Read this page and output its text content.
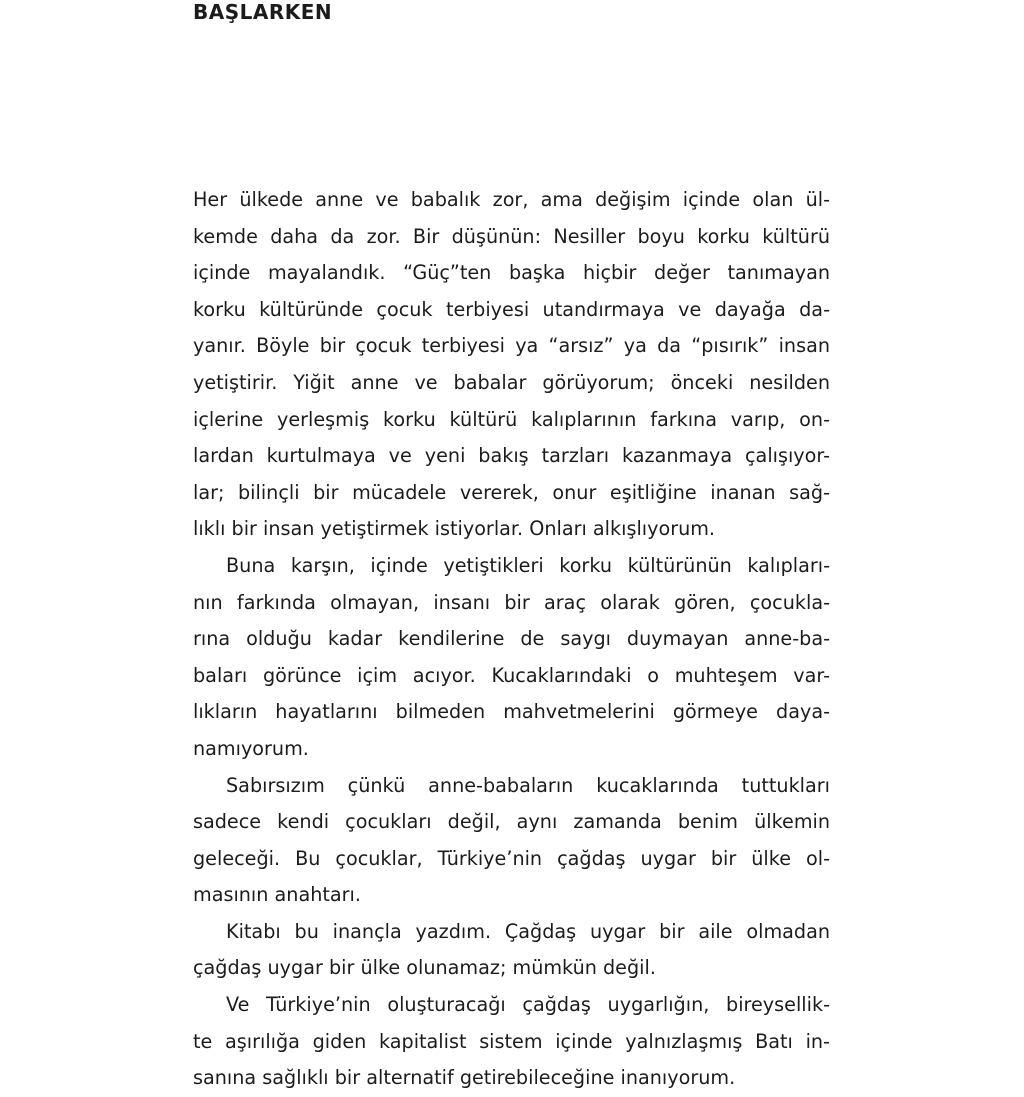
BAŞLARKEN
Her ülkede anne ve babalık zor, ama değişim içinde olan ül-
kemde daha da zor. Bir düşünün: Nesiller boyu korku kültürü
içinde mayalandık. “Güç”ten başka hiçbir değer tanımayan
korku kültüründe çocuk terbiyesi utandırmaya ve dayağa da-
yanır. Böyle bir çocuk terbiyesi ya “arsız” ya da “pısırık” insan
yetiştirir. Yiğit anne ve babalar görüyorum; önceki nesilden
içlerine yerleşmiş korku kültürü kalıplarının farkına varıp, on-
lardan kurtulmaya ve yeni bakış tarzları kazanmaya çalışıyor-
lar; bilinçli bir mücadele vererek, onur eşitliğine inanan sağ-
lıklı bir insan yetiştirmek istiyorlar. Onları alkışlıyorum.
Buna karşın, içinde yetiştikleri korku kültürünün kalıpları-
nın farkında olmayan, insanı bir araç olarak gören, çocukla-
rına olduğu kadar kendilerine de saygı duymayan anne-ba-
baları görünce içim acıyor. Kucaklarındaki o muhteşem var-
lıkların hayatlarını bilmeden mahvetmelerini görmeye daya-
namıyorum.
Sabırsızım çünkü anne-babaların kucaklarında tuttukları
sadece kendi çocukları değil, aynı zamanda benim ülkemin
geleceği. Bu çocuklar, Türkiye’nin çağdaş uygar bir ülke ol-
masının anahtarı.
Kitabı bu inançla yazdım. Çağdaş uygar bir aile olmadan
çağdaş uygar bir ülke olunamaz; mümkün değil.
Ve Türkiye’nin oluşturacağı çağdaş uygarlığın, bireysellik-
te aşırılığa giden kapitalist sistem içinde yalnızlaşmış Batı in-
sanına sağlıklı bir alternatif getirebileceğine inanıyorum.
